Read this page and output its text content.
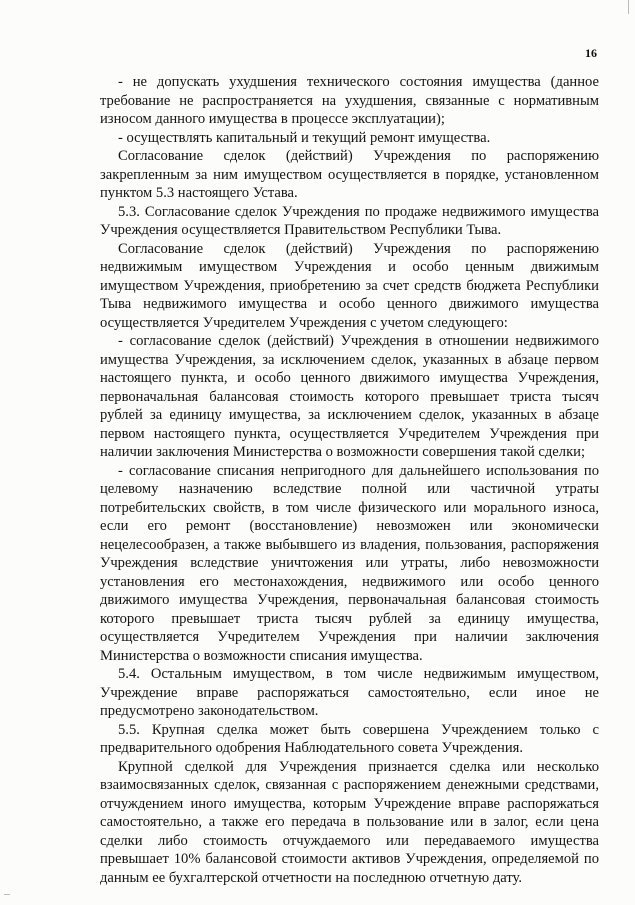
16

- не допускать ухудшения технического состояния имущества (данное требование не распространяется на ухудшения, связанные с нормативным износом данного имущества в процессе эксплуатации);

- осуществлять капитальный и текущий ремонт имущества.

Согласование сделок (действий) Учреждения по распоряжению закрепленным за ним имуществом осуществляется в порядке, установленном пунктом 5.3 настоящего Устава.

5.3. Согласование сделок Учреждения по продаже недвижимого имущества Учреждения осуществляется Правительством Республики Тыва.

Согласование сделок (действий) Учреждения по распоряжению недвижимым имуществом Учреждения и особо ценным движимым имуществом Учреждения, приобретению за счет средств бюджета Республики Тыва недвижимого имущества и особо ценного движимого имущества осуществляется Учредителем Учреждения с учетом следующего:

- согласование сделок (действий) Учреждения в отношении недвижимого имущества Учреждения, за исключением сделок, указанных в абзаце первом настоящего пункта, и особо ценного движимого имущества Учреждения, первоначальная балансовая стоимость которого превышает триста тысяч рублей за единицу имущества, за исключением сделок, указанных в абзаце первом настоящего пункта, осуществляется Учредителем Учреждения при наличии заключения Министерства о возможности совершения такой сделки;

- согласование списания непригодного для дальнейшего использования по целевому назначению вследствие полной или частичной утраты потребительских свойств, в том числе физического или морального износа, если его ремонт (восстановление) невозможен или экономически нецелесообразен, а также выбывшего из владения, пользования, распоряжения Учреждения вследствие уничтожения или утраты, либо невозможности установления его местонахождения, недвижимого или особо ценного движимого имущества Учреждения, первоначальная балансовая стоимость которого превышает триста тысяч рублей за единицу имущества, осуществляется Учредителем Учреждения при наличии заключения Министерства о возможности списания имущества.

5.4. Остальным имуществом, в том числе недвижимым имуществом, Учреждение вправе распоряжаться самостоятельно, если иное не предусмотрено законодательством.

5.5. Крупная сделка может быть совершена Учреждением только с предварительного одобрения Наблюдательного совета Учреждения.

Крупной сделкой для Учреждения признается сделка или несколько взаимосвязанных сделок, связанная с распоряжением денежными средствами, отчуждением иного имущества, которым Учреждение вправе распоряжаться самостоятельно, а также его передача в пользование или в залог, если цена сделки либо стоимость отчуждаемого или передаваемого имущества превышает 10% балансовой стоимости активов Учреждения, определяемой по данным ее бухгалтерской отчетности на последнюю отчетную дату.
